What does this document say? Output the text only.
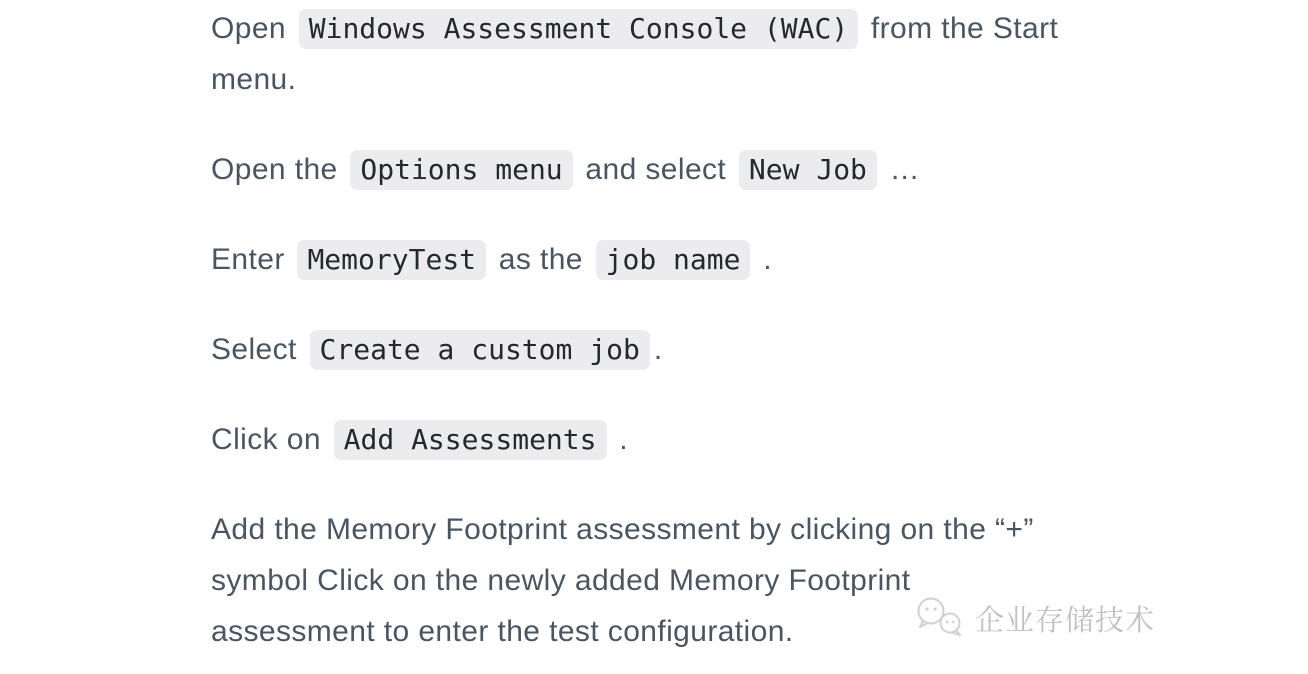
Open Windows Assessment Console (WAC) from the Start
menu.

Open the Options menu and select New Job …

Enter MemoryTest as the job name .

Select Create a custom job .

Click on Add Assessments .

Add the Memory Footprint assessment by clicking on the “+”
symbol Click on the newly added Memory Footprint
assessment to enter the test configuration.	企业存储技术
